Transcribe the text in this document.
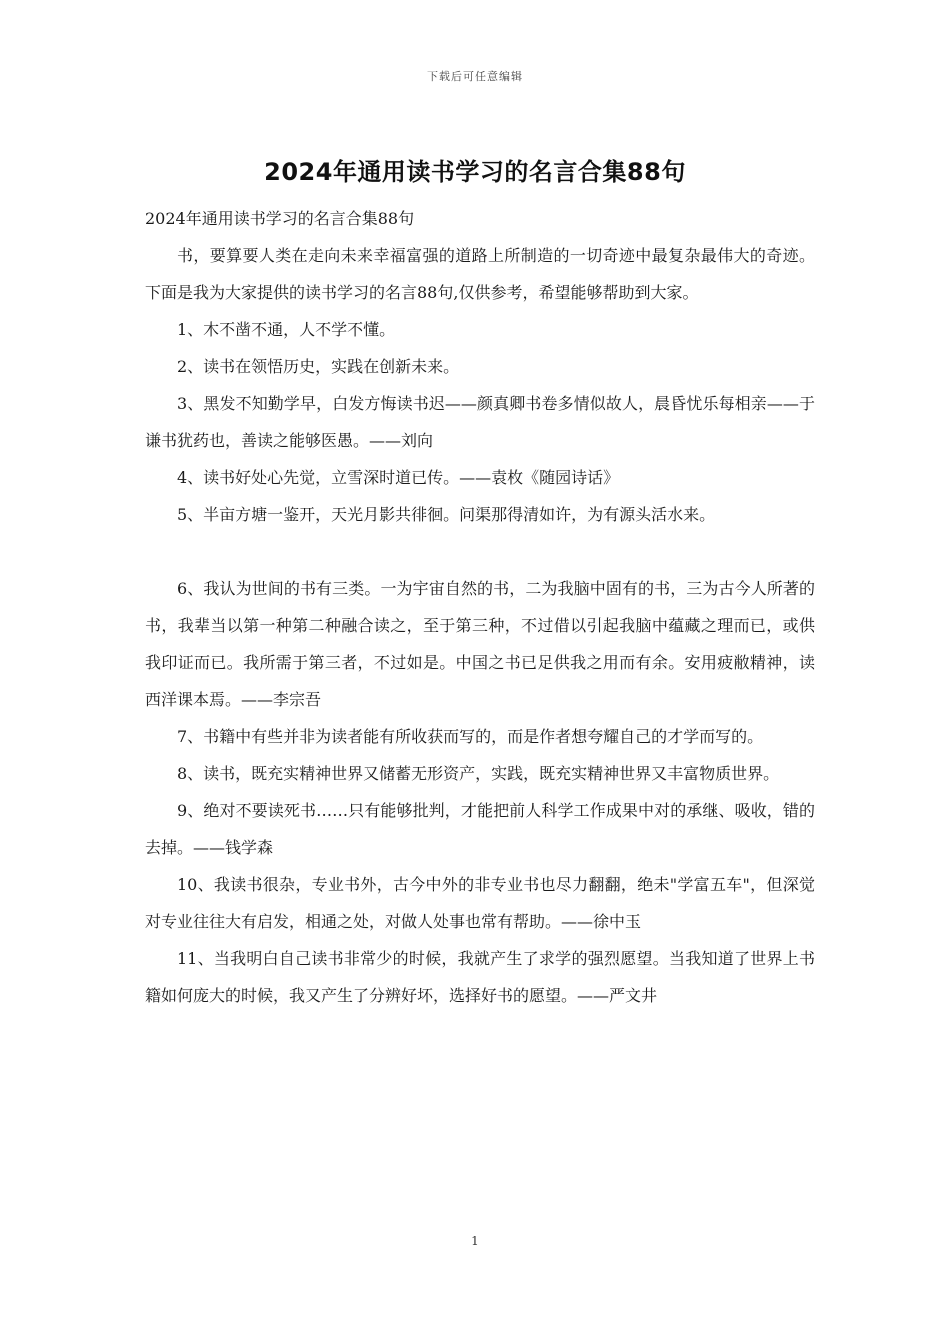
下载后可任意编辑
2024年通用读书学习的名言合集88句

2024年通用读书学习的名言合集88句

书，要算要人类在走向未来幸福富强的道路上所制造的一切奇迹中最复杂最伟大的奇迹。下面是我为大家提供的读书学习的名言88句,仅供参考，希望能够帮助到大家。

1、木不凿不通，人不学不懂。

2、读书在领悟历史，实践在创新未来。

3、黑发不知勤学早，白发方悔读书迟——颜真卿书卷多情似故人，晨昏忧乐每相亲——于谦书犹药也，善读之能够医愚。——刘向

4、读书好处心先觉，立雪深时道已传。——袁枚《随园诗话》

5、半亩方塘一鉴开，天光月影共徘徊。问渠那得清如许，为有源头活水来。

6、我认为世间的书有三类。一为宇宙自然的书，二为我脑中固有的书，三为古今人所著的书，我辈当以第一种第二种融合读之，至于第三种，不过借以引起我脑中蕴藏之理而已，或供我印证而已。我所需于第三者，不过如是。中国之书已足供我之用而有余。安用疲敝精神，读西洋课本焉。——李宗吾

7、书籍中有些并非为读者能有所收获而写的，而是作者想夸耀自己的才学而写的。

8、读书，既充实精神世界又储蓄无形资产，实践，既充实精神世界又丰富物质世界。

9、绝对不要读死书……只有能够批判，才能把前人科学工作成果中对的承继、吸收，错的去掉。——钱学森

10、我读书很杂，专业书外，古今中外的非专业书也尽力翻翻，绝未"学富五车"，但深觉对专业往往大有启发，相通之处，对做人处事也常有帮助。——徐中玉

11、当我明白自己读书非常少的时候，我就产生了求学的强烈愿望。当我知道了世界上书籍如何庞大的时候，我又产生了分辨好坏，选择好书的愿望。——严文井

1
